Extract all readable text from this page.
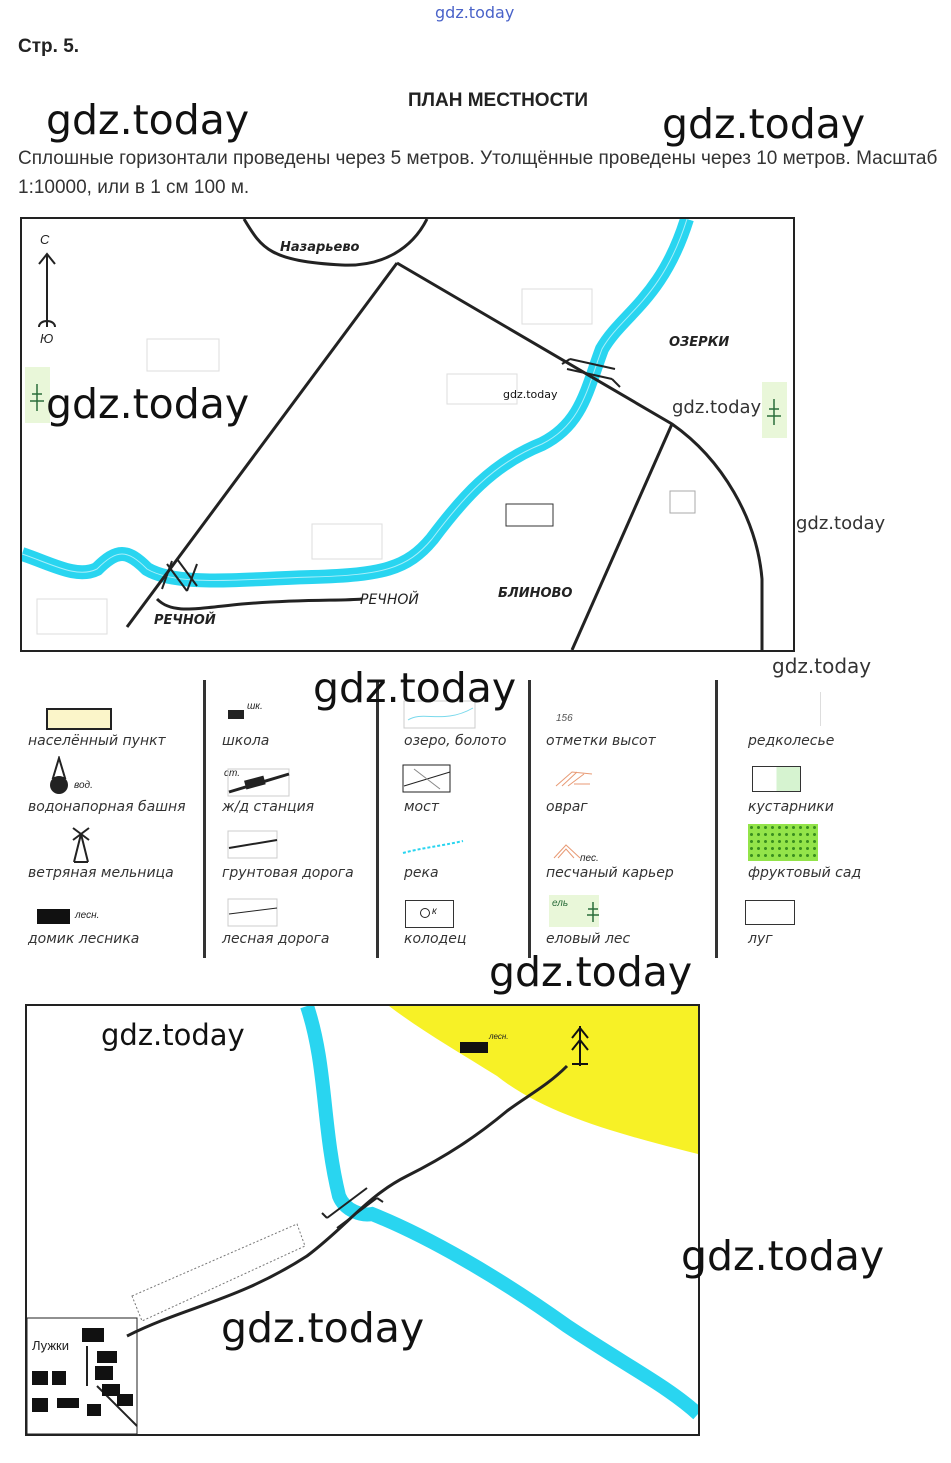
gdz.today
Стр. 5.
ПЛАН МЕСТНОСТИ
Сплошные горизонтали проведены через 5 метров. Утолщённые проведены через 10 метров. Масштаб 1:10000, или в 1 см 100 м.
С
Ю
Назарьево
ОЗЕРКИ
БЛИНОВО
РЕЧНОЙ
РЕЧНОЙ
населённый пункт
вод.
водонапорная башня
ветряная мельница
лесн.
домик лесника
шк.
школа
ст.
ж/д станция
грунтовая дорога
лесная дорога
озеро, болото
мост
река
к
колодец
156
отметки высот
овраг
пес.
песчаный карьер
ель
еловый лес
редколесье
кустарники
фруктовый сад
луг
Лужки
лесн.
gdz.today	gdz.today
gdz.today	gdz.today
gdz.today
gdz.today
gdz.today
gdz.today
gdz.today
gdz.today
gdz.today
gdz.today
